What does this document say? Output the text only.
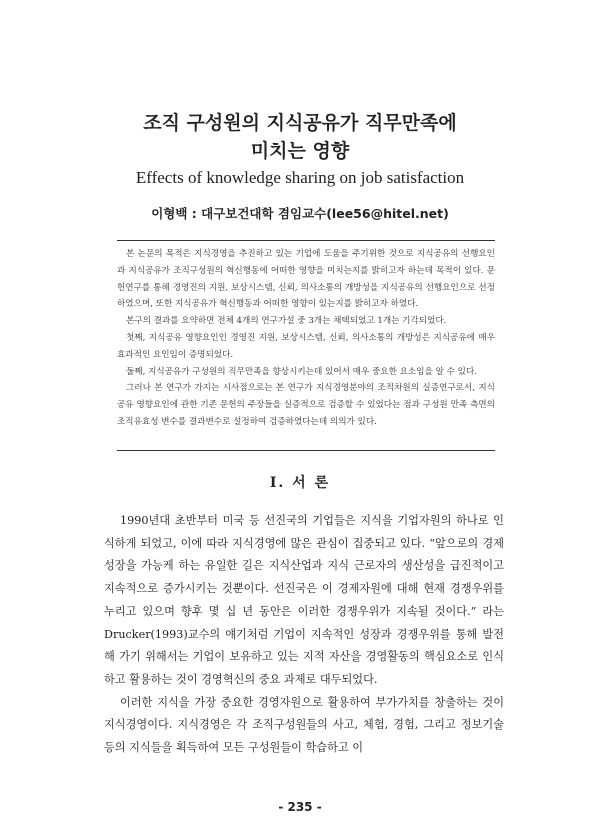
조직 구성원의 지식공유가 직무만족에
미치는 영향
Effects of knowledge sharing on job satisfaction
이형백 : 대구보건대학 겸임교수(lee56@hitel.net)

본 논문의 목적은 지식경영을 추진하고 있는 기업에 도움을 주기위한 것으로 지식공유의 선행요인과 지식공유가 조직구성원의 혁신행동에 어떠한 영향을 미치는지를 밝히고자 하는데 목적이 있다. 문헌연구를 통해 경영진의 지원, 보상시스템, 신뢰, 의사소통의 개방성을 지식공유의 선행요인으로 선정하였으며, 또한 지식공유가 혁신행동과 어떠한 영향이 있는지를 밝히고자 하였다.

본구의 결과를 요약하면 전체 4개의 연구가설 중 3개는 채택되었고 1개는 기각되었다.

첫째, 지식공유 영향요인인 경영진 지원, 보상시스템, 신뢰, 의사소통의 개방성은 지식공유에 매우 효과적인 요인임이 증명되었다.

둘째, 지식공유가 구성원의 직무만족을 향상시키는데 있어서 매우 중요한 요소임을 알 수 있다.

그러나 본 연구가 가지는 시사점으로는 본 연구가 지식경영분야의 조직차원의 실증연구로서, 지식공유 영향요인에 관한 기존 문헌의 주장들을 실증적으로 검증할 수 있었다는 점과 구성원 만족 측면의 조직유효성 변수를 결과변수로 설정하여 검증하였다는데 의의가 있다.

Ⅰ. 서 론

1990년대 초반부터 미국 등 선진국의 기업들은 지식을 기업자원의 하나로 인식하게 되었고, 이에 따라 지식경영에 많은 관심이 집중되고 있다. “앞으로의 경제 성장을 가능케 하는 유일한 길은 지식산업과 지식 근로자의 생산성을 급진적이고 지속적으로 증가시키는 것뿐이다. 선진국은 이 경제자원에 대해 현재 경쟁우위를 누리고 있으며 향후 몇 십 년 동안은 이러한 경쟁우위가 지속될 것이다.” 라는 Drucker(1993)교수의 얘기처럼 기업이 지속적인 성장과 경쟁우위를 통해 발전해 가기 위해서는 기업이 보유하고 있는 지적 자산을 경영활동의 핵심요소로 인식하고 활용하는 것이 경영혁신의 중요 과제로 대두되었다.

이러한 지식을 가장 중요한 경영자원으로 활용하여 부가가치를 창출하는 것이 지식경영이다. 지식경영은 각 조직구성원들의 사고, 체험, 경험, 그리고 정보기술 등의 지식들을 획득하여 모든 구성원들이 학습하고 이

- 235 -
